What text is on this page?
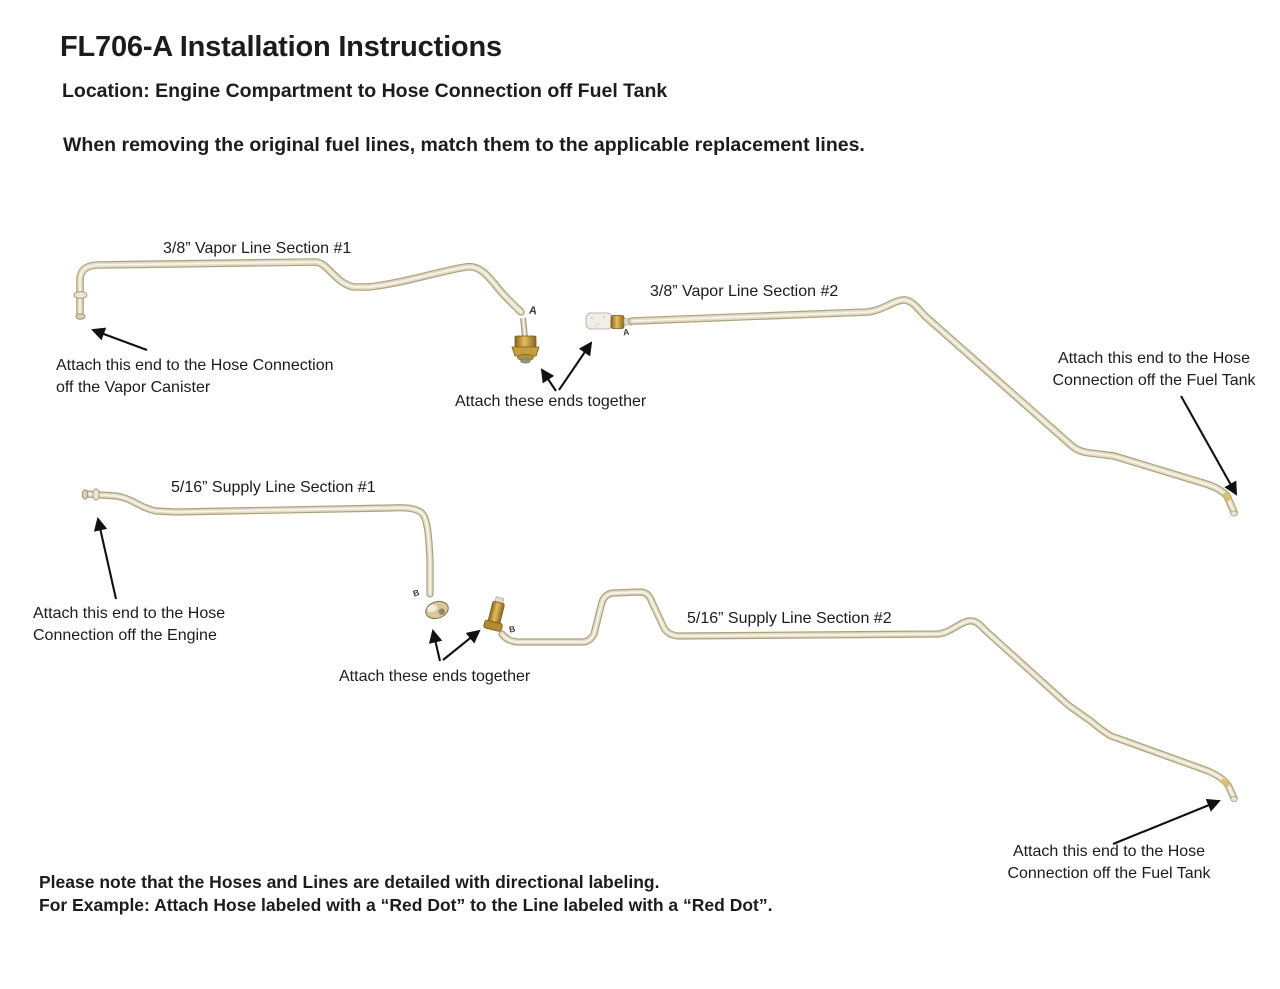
FL706-A Installation Instructions
Location: Engine Compartment to Hose Connection off Fuel Tank
When removing the original fuel lines, match them to the applicable replacement lines.
3/8” Vapor Line Section #1
3/8” Vapor Line Section #2
5/16” Supply Line Section #1
5/16” Supply Line Section #2
A
A
B
B
Attach this end to the Hose Connection
off the Vapor Canister
Attach these ends together
Attach this end to the Hose
Connection off the Fuel Tank
Attach this end to the Hose
Connection off the Engine
Attach these ends together
Attach this end to the Hose
Connection off the Fuel Tank
Please note that the Hoses and Lines are detailed with directional labeling.
For Example: Attach Hose labeled with a “Red Dot” to the Line labeled with a “Red Dot”.
